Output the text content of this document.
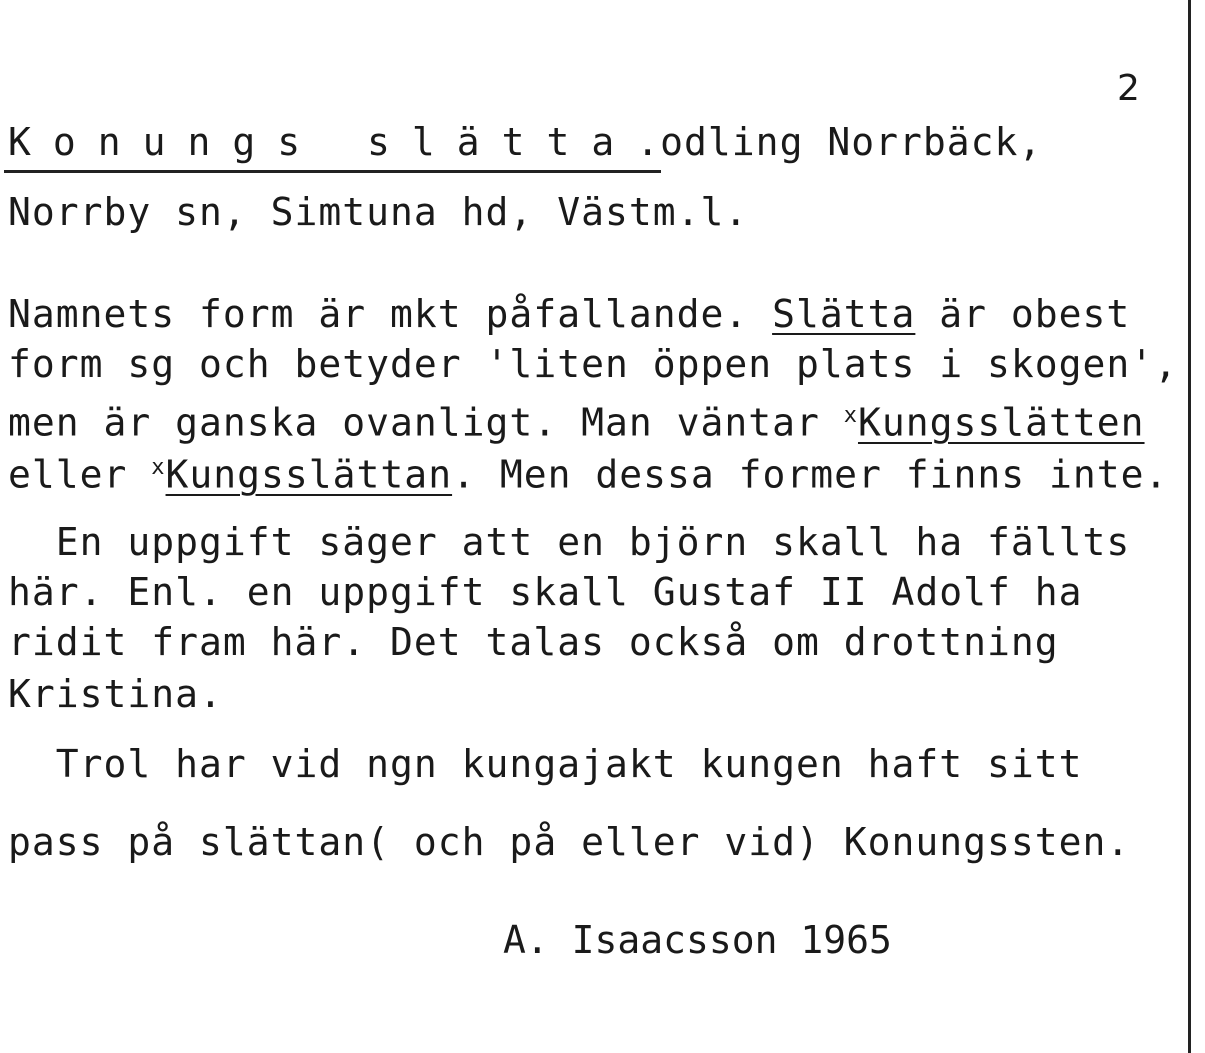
2
Konungs slätta.odling Norrbäck,
Norrby sn, Simtuna hd, Västm.l.
Namnets form är mkt påfallande. Slätta är obest
form sg och betyder 'liten öppen plats i skogen',
men är ganska ovanligt. Man väntar $^x$Kungsslätten
eller $^x$Kungsslättan. Men dessa former finns inte.
En uppgift säger att en björn skall ha fällts
här. Enl. en uppgift skall Gustaf II Adolf ha
ridit fram här. Det talas också om drottning
Kristina.
Trol har vid ngn kungajakt kungen haft sitt
pass på slättan( och på eller vid) Konungssten.
A. Isaacsson 1965
